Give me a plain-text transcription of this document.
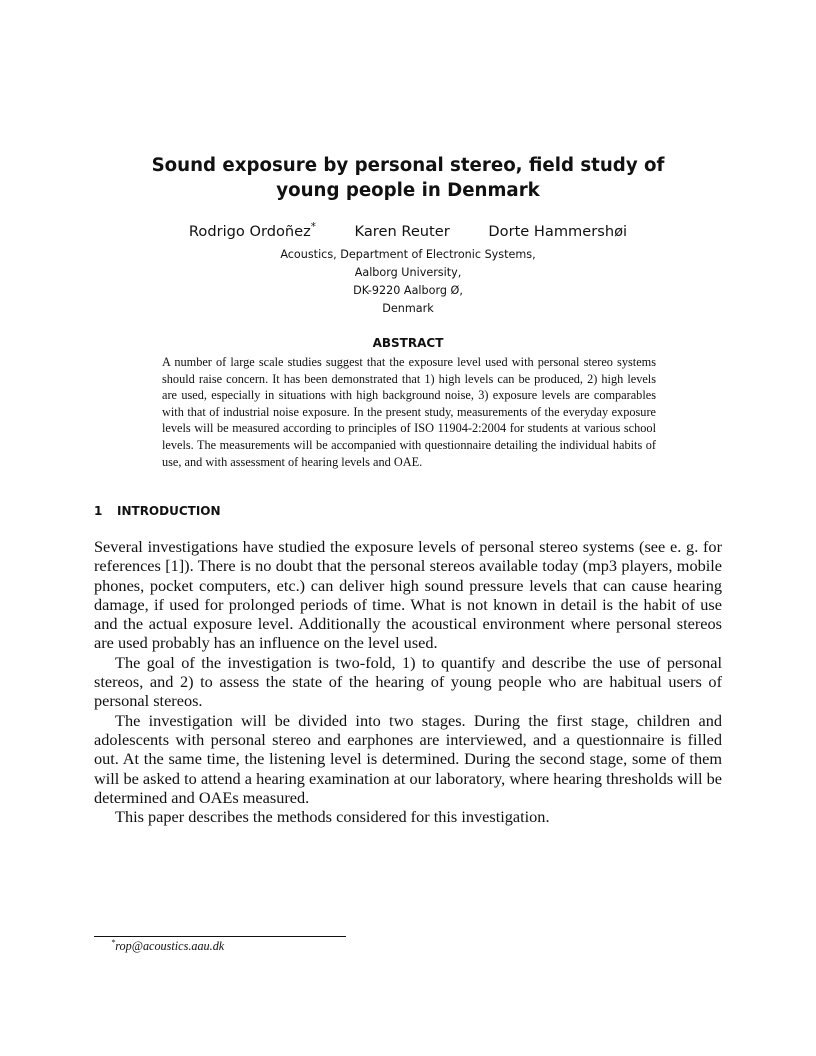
Sound exposure by personal stereo, field study of
young people in Denmark
Rodrigo Ordoñez*	Karen Reuter	Dorte Hammershøi
Acoustics, Department of Electronic Systems,
Aalborg University,
DK-9220 Aalborg Ø,
Denmark
ABSTRACT
A number of large scale studies suggest that the exposure level used with personal stereo systems should raise concern. It has been demonstrated that 1) high levels can be produced, 2) high levels are used, especially in situations with high background noise, 3) exposure levels are comparables with that of industrial noise exposure. In the present study, measurements of the everyday exposure levels will be measured according to principles of ISO 11904-2:2004 for students at various school levels. The measurements will be accompanied with questionnaire detailing the individual habits of use, and with assessment of hearing levels and OAE.
1 INTRODUCTION

Several investigations have studied the exposure levels of personal stereo systems (see e. g. for references [1]). There is no doubt that the personal stereos available today (mp3 players, mobile phones, pocket computers, etc.) can deliver high sound pressure levels that can cause hearing damage, if used for prolonged periods of time. What is not known in detail is the habit of use and the actual exposure level. Additionally the acoustical environment where personal stereos are used probably has an influence on the level used.

The goal of the investigation is two-fold, 1) to quantify and describe the use of personal stereos, and 2) to assess the state of the hearing of young people who are habitual users of personal stereos.

The investigation will be divided into two stages. During the first stage, children and adolescents with personal stereo and earphones are interviewed, and a questionnaire is filled out. At the same time, the listening level is determined. During the second stage, some of them will be asked to attend a hearing examination at our laboratory, where hearing thresholds will be determined and OAEs measured.

This paper describes the methods considered for this investigation.

*rop@acoustics.aau.dk
